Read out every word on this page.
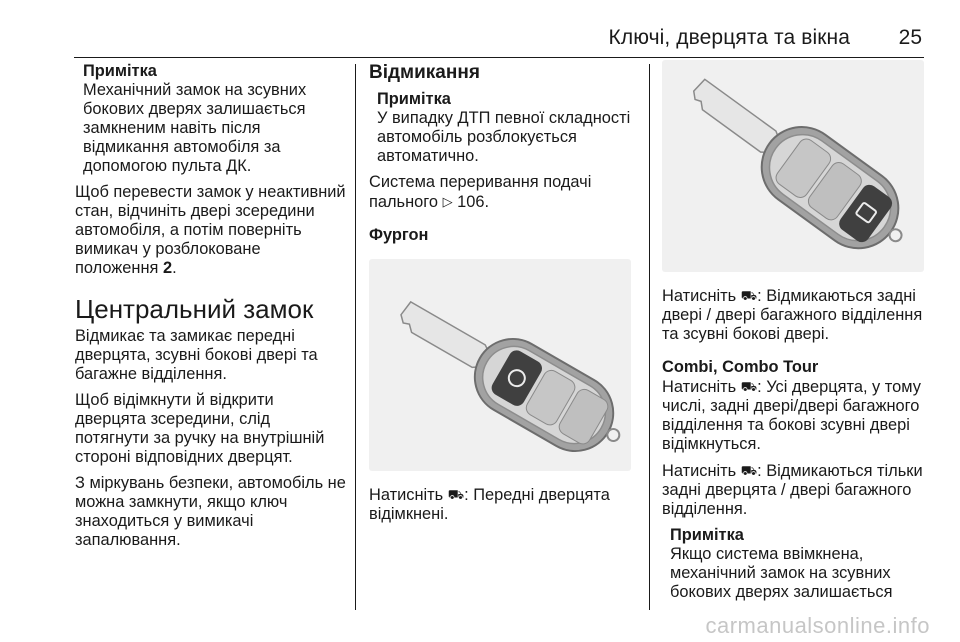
Ключі, дверцята та вікна 25
Примітка
Механічний замок на зсувних бокових дверях залишається замкненим навіть після відмикання автомобіля за допомогою пульта ДК.

Щоб перевести замок у неактивний стан, відчиніть двері зсередини автомобіля, а потім поверніть вимикач у розблоковане положення 2.

Центральний замок

Відмикає та замикає передні дверцята, зсувні бокові двері та багажне відділення.

Щоб відімкнути й відкрити дверцята зсередини, слід потягнути за ручку на внутрішній стороні відповідних дверцят.

З міркувань безпеки, автомобіль не можна замкнути, якщо ключ знаходиться у вимикачі запалювання.

Відмикання
Примітка
У випадку ДТП певної складності автомобіль розблокується автоматично.

Система переривання подачі пального ▷ 106.

Фургон

Натисніть ⛟: Передні дверцята відімкнені.

Натисніть ⛟: Відмикаються задні двері / двері багажного відділення та зсувні бокові двері.

Combi, Combo Tour

Натисніть ⛟: Усі дверцята, у тому числі, задні двері/двері багажного відділення та бокові зсувні двері відімкнуться.

Натисніть ⛟: Відмикаються тільки задні дверцята / двері багажного відділення.

Примітка
Якщо система ввімкнена, механічний замок на зсувних бокових дверях залишається
carmanualsonline.info
